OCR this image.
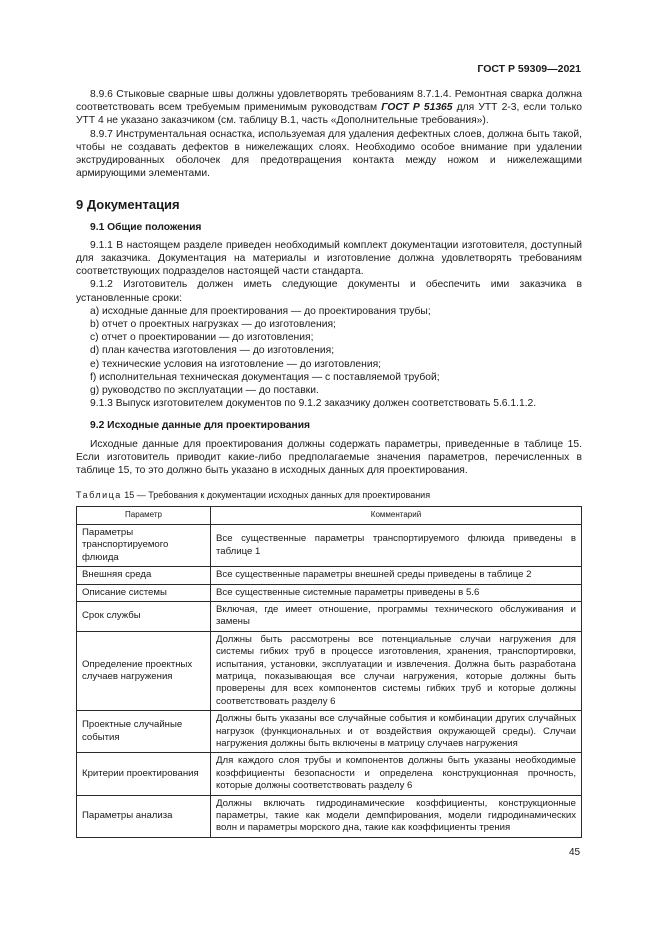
ГОСТ Р 59309—2021

8.9.6 Стыковые сварные швы должны удовлетворять требованиям 8.7.1.4. Ремонтная сварка должна соответствовать всем требуемым применимым руководствам ГОСТ Р 51365 для УТТ 2-3, если только УТТ 4 не указано заказчиком (см. таблицу В.1, часть «Дополнительные требования»).

8.9.7 Инструментальная оснастка, используемая для удаления дефектных слоев, должна быть такой, чтобы не создавать дефектов в нижележащих слоях. Необходимо особое внимание при удалении экструдированных оболочек для предотвращения контакта между ножом и нижележащими армирующими элементами.

9 Документация
9.1 Общие положения

9.1.1 В настоящем разделе приведен необходимый комплект документации изготовителя, доступный для заказчика. Документация на материалы и изготовление должна удовлетворять требованиям соответствующих подразделов настоящей части стандарта.

9.1.2 Изготовитель должен иметь следующие документы и обеспечить ими заказчика в установленные сроки:

a) исходные данные для проектирования — до проектирования трубы;

b) отчет о проектных нагрузках — до изготовления;

c) отчет о проектировании — до изготовления;

d) план качества изготовления — до изготовления;

e) технические условия на изготовление — до изготовления;

f) исполнительная техническая документация — с поставляемой трубой;

g) руководство по эксплуатации — до поставки.

9.1.3 Выпуск изготовителем документов по 9.1.2 заказчику должен соответствовать 5.6.1.1.2.

9.2 Исходные данные для проектирования

Исходные данные для проектирования должны содержать параметры, приведенные в таблице 15. Если изготовитель приводит какие-либо предполагаемые значения параметров, перечисленных в таблице 15, то это должно быть указано в исходных данных для проектирования.

Таблица 15 — Требования к документации исходных данных для проектирования
Параметр	Комментарий
Параметры транспортируемого флюида	Все существенные параметры транспортируемого флюида приведены в таблице 1
Внешняя среда	Все существенные параметры внешней среды приведены в таблице 2
Описание системы	Все существенные системные параметры приведены в 5.6
Срок службы	Включая, где имеет отношение, программы технического обслуживания и замены
Определение проектных случаев нагружения	Должны быть рассмотрены все потенциальные случаи нагружения для системы гибких труб в процессе изготовления, хранения, транспортировки, испытания, установки, эксплуатации и извлечения. Должна быть разработана матрица, показывающая все случаи нагружения, которые должны быть проверены для всех компонентов системы гибких труб и которые должны соответствовать разделу 6
Проектные случайные события	Должны быть указаны все случайные события и комбинации других случайных нагрузок (функциональных и от воздействия окружающей среды). Случаи нагружения должны быть включены в матрицу случаев нагружения
Критерии проектирования	Для каждого слоя трубы и компонентов должны быть указаны необходимые коэффициенты безопасности и определена конструкционная прочность, которые должны соответствовать разделу 6
Параметры анализа	Должны включать гидродинамические коэффициенты, конструкционные параметры, такие как модели демпфирования, модели гидродинамических волн и параметры морского дна, такие как коэффициенты трения
45
